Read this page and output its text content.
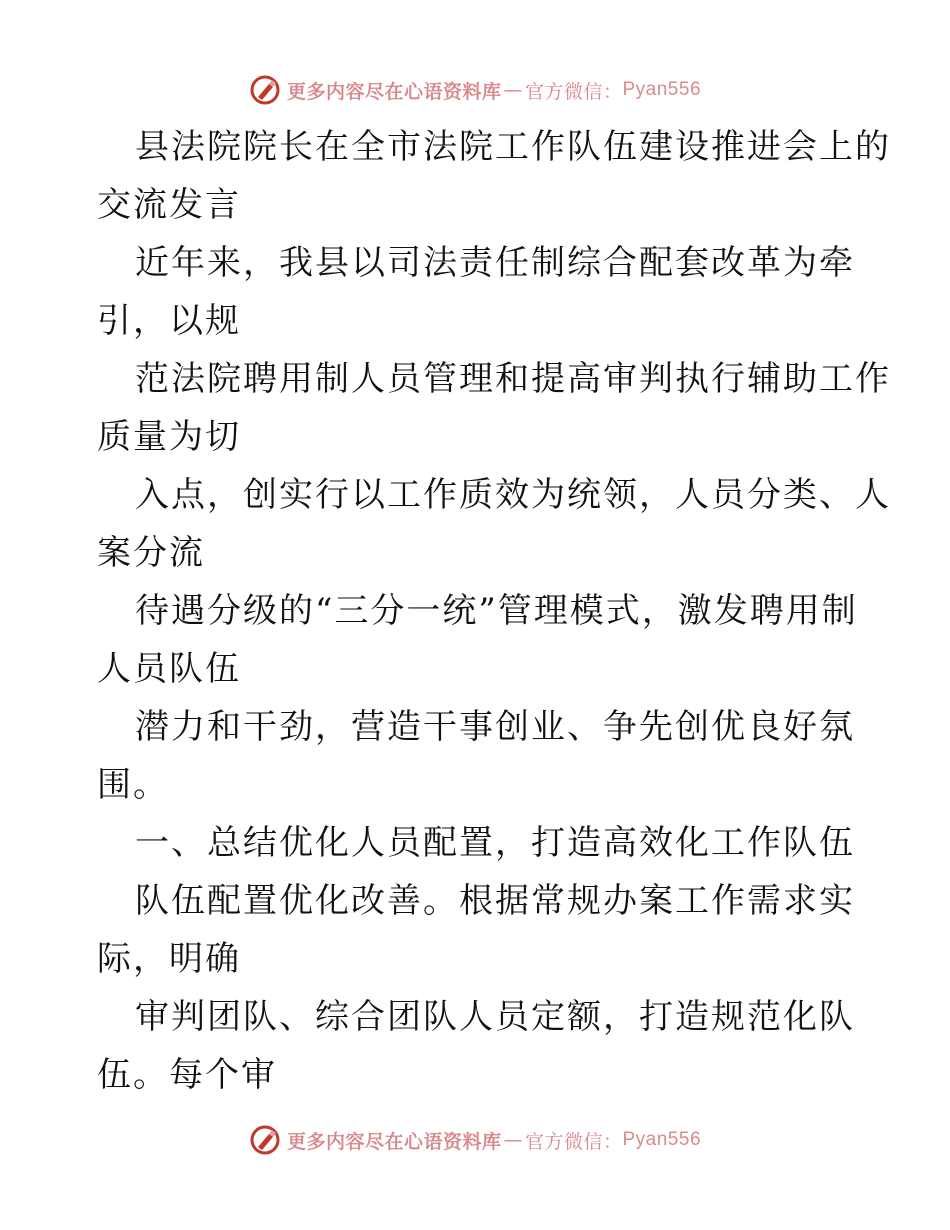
更多内容尽在心语资料库 — 官方微信： Pyan556
县法院院长在全市法院工作队伍建设推进会上的
交流发言
近年来，我县以司法责任制综合配套改革为牵
引，以规
范法院聘用制人员管理和提高审判执行辅助工作
质量为切
入点，创实行以工作质效为统领，人员分类、人
案分流
待遇分级的“三分一统”管理模式，激发聘用制
人员队伍
潜力和干劲，营造干事创业、争先创优良好氛
围。
一、总结优化人员配置，打造高效化工作队伍
队伍配置优化改善。根据常规办案工作需求实
际，明确
审判团队、综合团队人员定额，打造规范化队
伍。每个审
更多内容尽在心语资料库 — 官方微信： Pyan556
